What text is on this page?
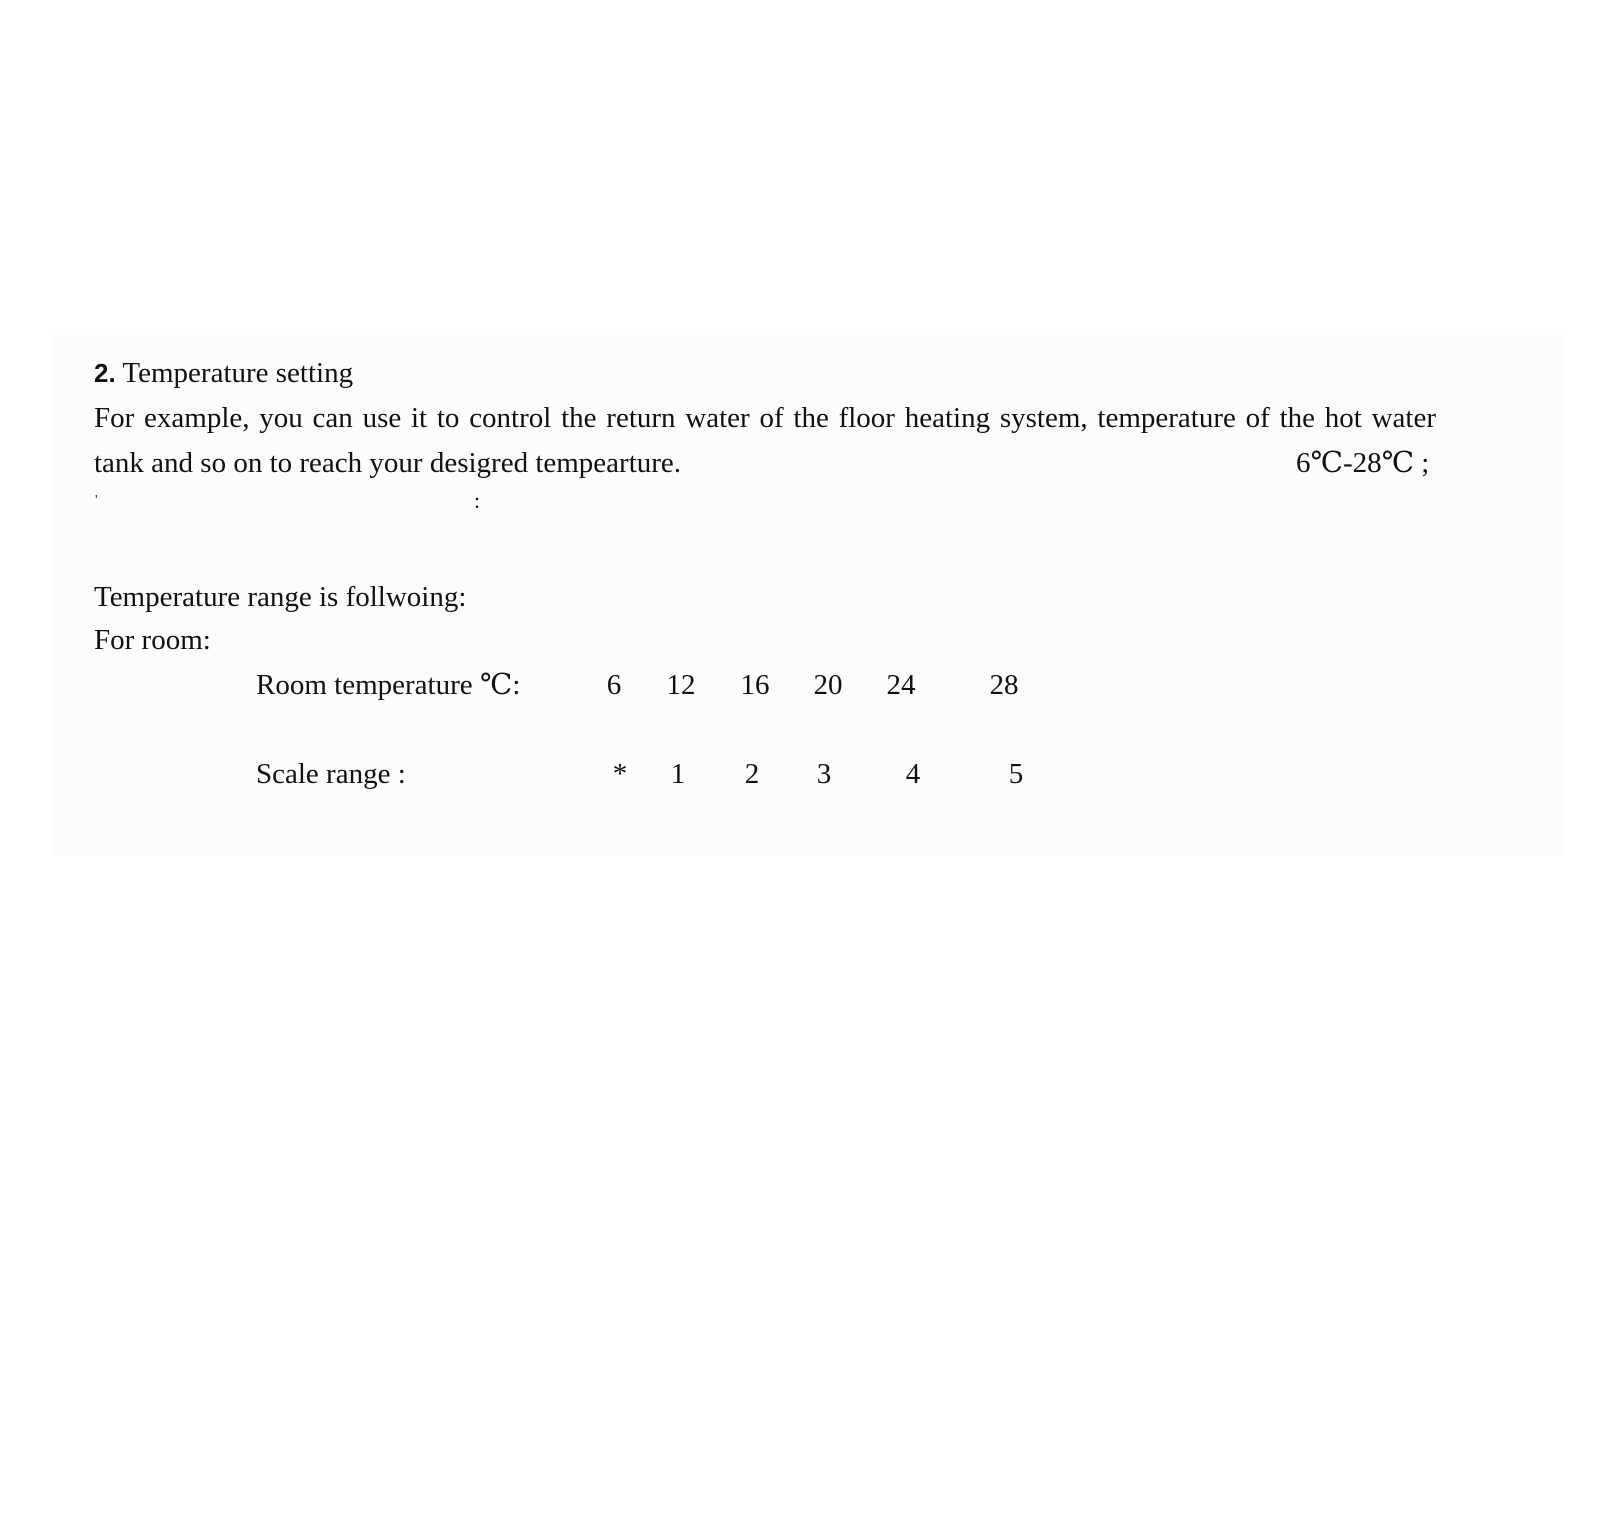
2. Temperature setting
For example, you can use it to control the return water of the floor heating system, temperature of the hot water
tank and so on to reach your desigred tempearture.	6℃-28℃ ;
'	:
Temperature range is follwoing:
For room:
Room temperature ℃:	6	12	16	20	24	28
Scale range :	*	1	2	3	4	5
